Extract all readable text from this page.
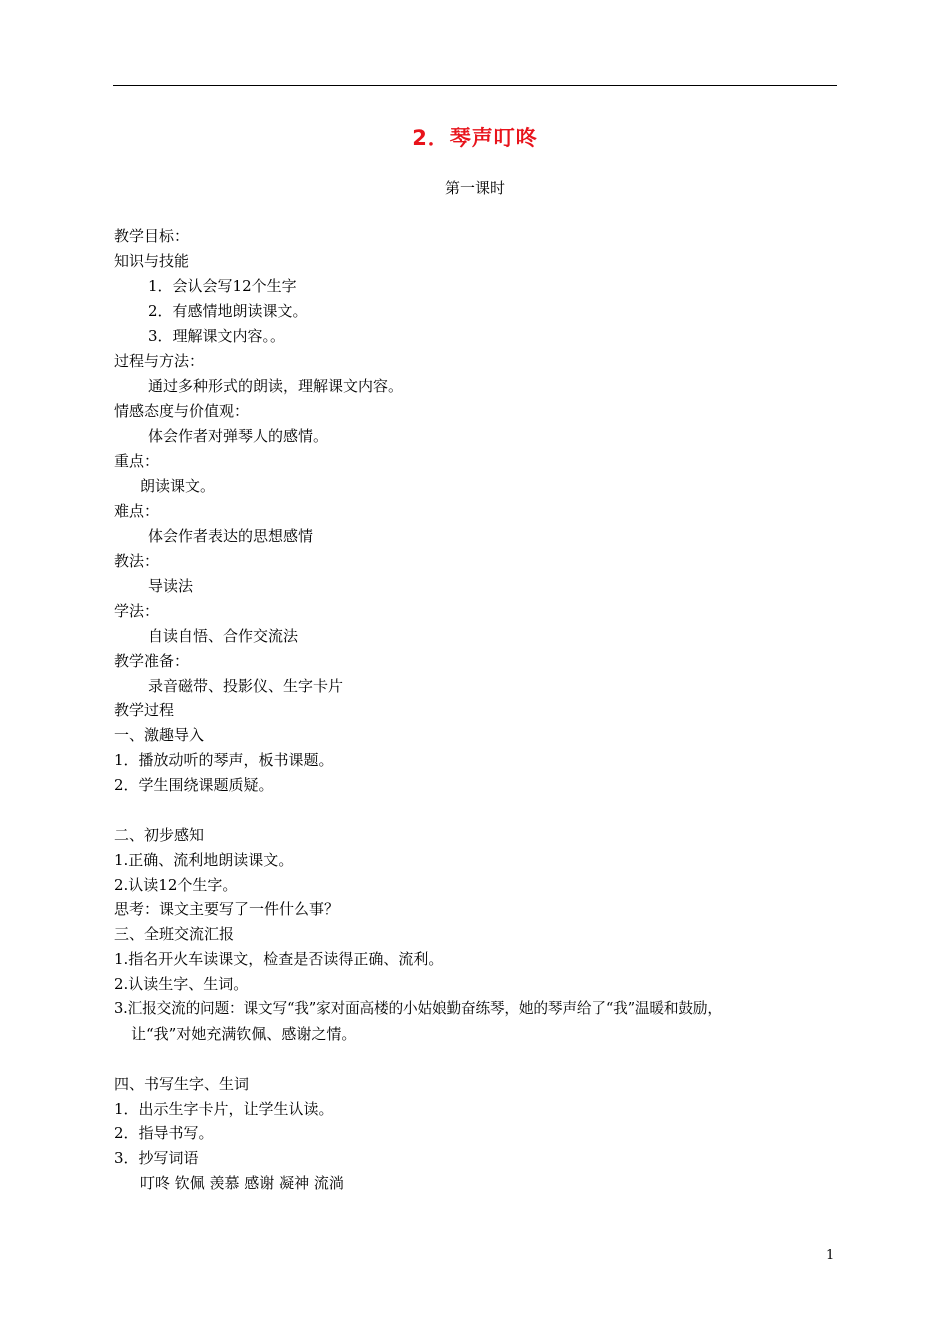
2．琴声叮咚
第一课时
教学目标：
知识与技能
1．会认会写12个生字
2．有感情地朗读课文。
3．理解课文内容。。
过程与方法：
通过多种形式的朗读，理解课文内容。
情感态度与价值观：
体会作者对弹琴人的感情。
重点：
朗读课文。
难点：
体会作者表达的思想感情
教法：
导读法
学法：
自读自悟、合作交流法
教学准备：
录音磁带、投影仪、生字卡片
教学过程
一、激趣导入
1．播放动听的琴声，板书课题。
2．学生围绕课题质疑。
二、初步感知
1.正确、流利地朗读课文。
2.认读12个生字。
思考：课文主要写了一件什么事？
三、全班交流汇报
1.指名开火车读课文，检查是否读得正确、流利。
2.认读生字、生词。
3.汇报交流的问题：课文写“我”家对面高楼的小姑娘勤奋练琴，她的琴声给了“我”温暖和鼓励，
让“我”对她充满钦佩、感谢之情。
四、书写生字、生词
1．出示生字卡片，让学生认读。
2．指导书写。
3．抄写词语
叮咚 钦佩 羡慕 感谢 凝神 流淌
1
